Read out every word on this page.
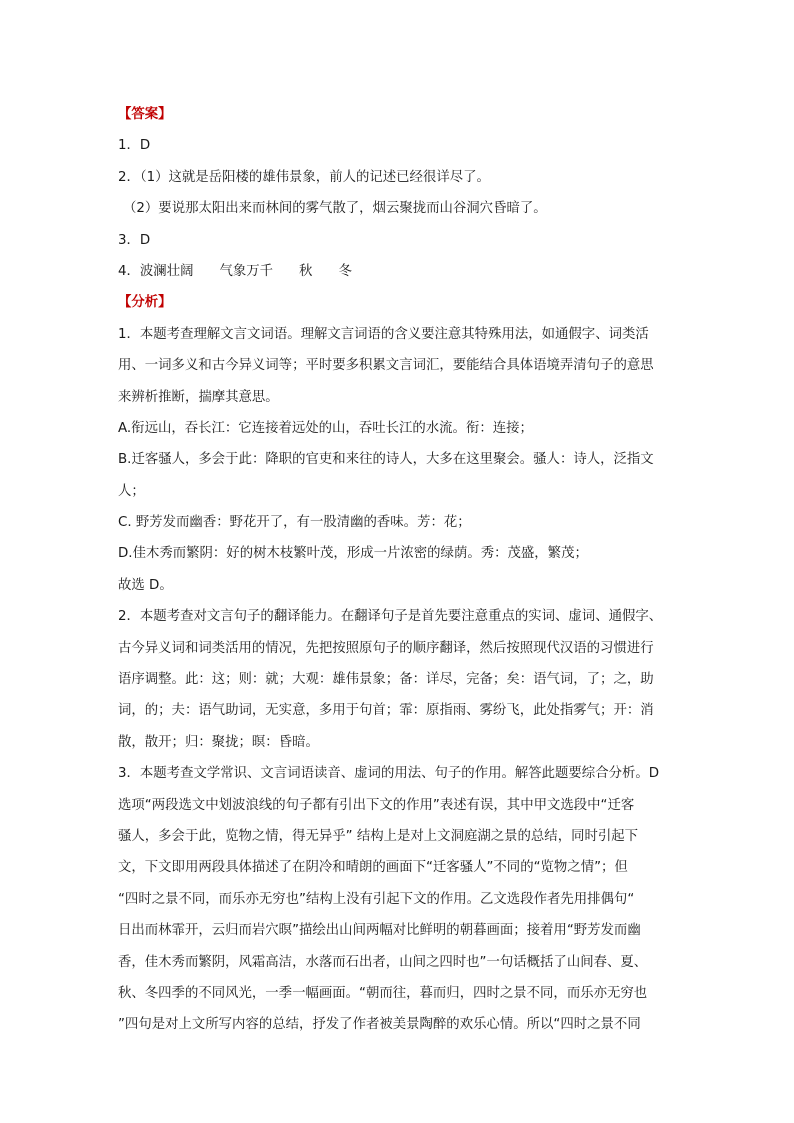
【答案】
1．D
2．（1）这就是岳阳楼的雄伟景象，前人的记述已经很详尽了。
（2）要说那太阳出来而林间的雾气散了，烟云聚拢而山谷洞穴昏暗了。
3．D
4．波澜壮阔 气象万千 秋 冬
【分析】
1．本题考查理解文言文词语。理解文言词语的含义要注意其特殊用法，如通假字、词类活
用、一词多义和古今异义词等；平时要多积累文言词汇，要能结合具体语境弄清句子的意思
来辨析推断，揣摩其意思。
A.衔远山，吞长江：它连接着远处的山，吞吐长江的水流。衔：连接；
B.迁客骚人，多会于此：降职的官吏和来往的诗人，大多在这里聚会。骚人：诗人，泛指文
人；
C. 野芳发而幽香：野花开了，有一股清幽的香味。芳：花；
D.佳木秀而繁阴：好的树木枝繁叶茂，形成一片浓密的绿荫。秀：茂盛，繁茂；
故选 D。
2．本题考查对文言句子的翻译能力。在翻译句子是首先要注意重点的实词、虚词、通假字、
古今异义词和词类活用的情况，先把按照原句子的顺序翻译，然后按照现代汉语的习惯进行
语序调整。此：这；则：就；大观：雄伟景象；备：详尽，完备；矣：语气词，了；之，助
词，的；夫：语气助词，无实意，多用于句首；霏：原指雨、雾纷飞，此处指雾气；开：消
散，散开；归：聚拢；暝：昏暗。
3．本题考查文学常识、文言词语读音、虚词的用法、句子的作用。解答此题要综合分析。D
选项“两段选文中划波浪线的句子都有引出下文的作用”表述有误，其中甲文选段中“迁客
骚人，多会于此，览物之情，得无异乎” 结构上是对上文洞庭湖之景的总结，同时引起下
文，下文即用两段具体描述了在阴冷和晴朗的画面下“迁客骚人”不同的“览物之情”；但
“四时之景不同，而乐亦无穷也”结构上没有引起下文的作用。乙文选段作者先用排偶句“
日出而林霏开，云归而岩穴暝”描绘出山间两幅对比鲜明的朝暮画面；接着用“野芳发而幽
香，佳木秀而繁阴，风霜高洁，水落而石出者，山间之四时也”一句话概括了山间春、夏、
秋、冬四季的不同风光，一季一幅画面。“朝而往，暮而归，四时之景不同，而乐亦无穷也
”四句是对上文所写内容的总结，抒发了作者被美景陶醉的欢乐心情。所以“四时之景不同
